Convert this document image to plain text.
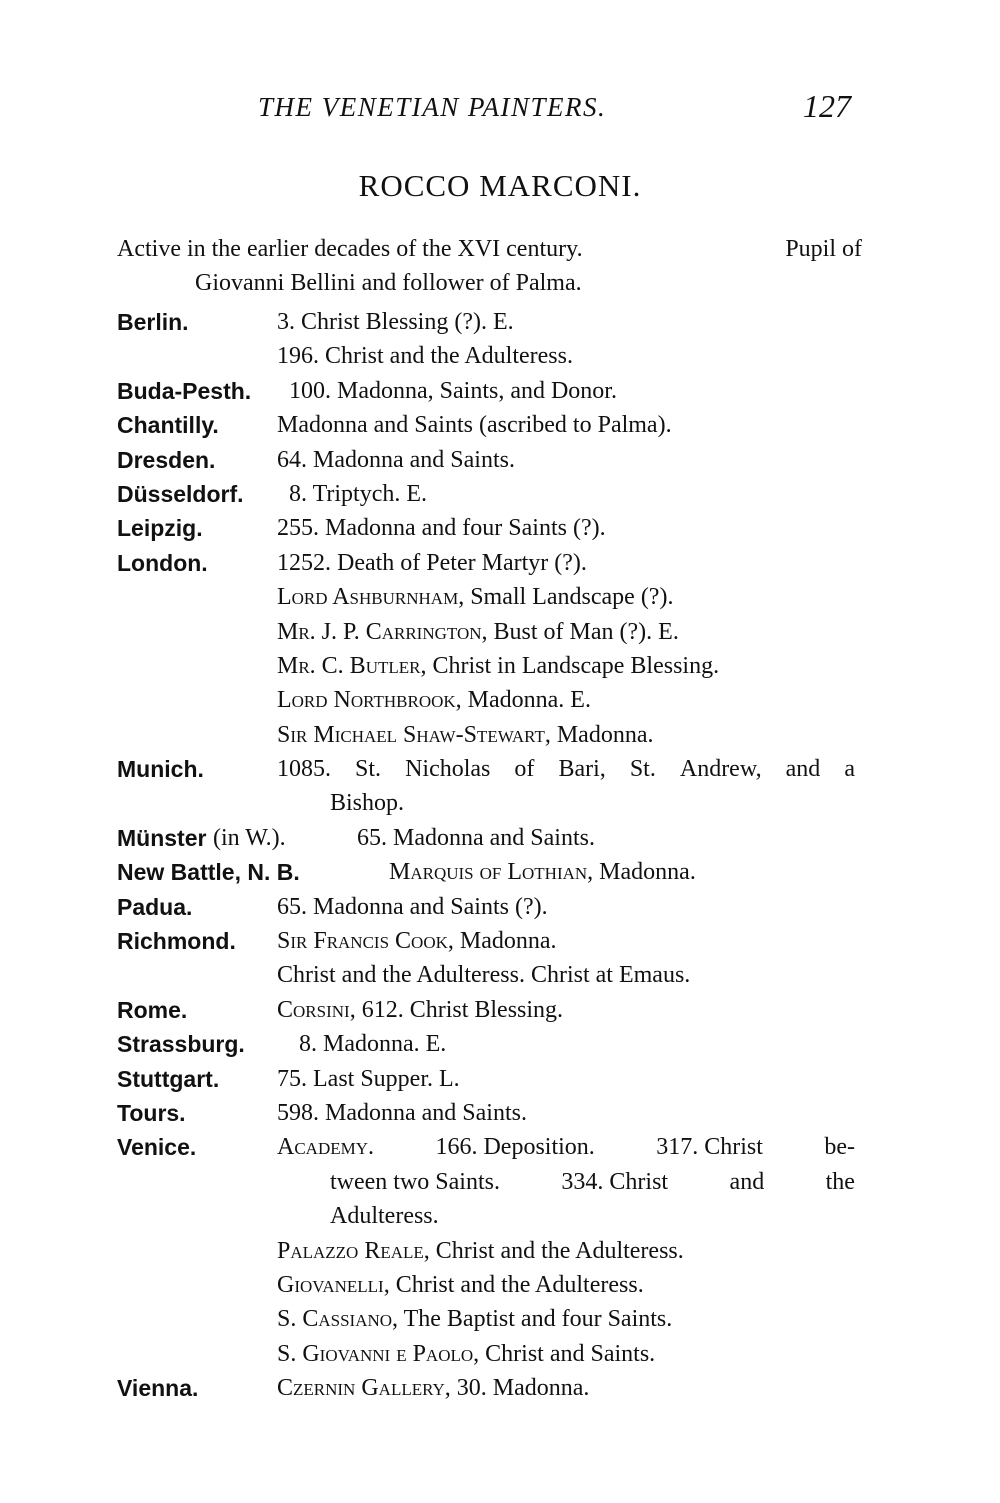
THE VENETIAN PAINTERS.	127
ROCCO MARCONI.
Active in the earlier decades of the XVI century.	Pupil of
Giovanni Bellini and follower of Palma.
Berlin.	3. Christ Blessing (?). E.
196. Christ and the Adulteress.
Buda-Pesth. 100. Madonna, Saints, and Donor.
Chantilly. Madonna and Saints (ascribed to Palma).
Dresden.	64. Madonna and Saints.
Düsseldorf. 8. Triptych. E.
Leipzig.	255. Madonna and four Saints (?).
London.	1252. Death of Peter Martyr (?).
Lord Ashburnham, Small Landscape (?).
Mr. J. P. Carrington, Bust of Man (?). E.
Mr. C. Butler, Christ in Landscape Blessing.
Lord Northbrook, Madonna. E.
Sir Michael Shaw-Stewart, Madonna.
Munich.	1085. St. Nicholas of Bari, St. Andrew, and a
Bishop.
Münster (in W.).	65. Madonna and Saints.
New Battle, N. B.	Marquis of Lothian, Madonna.
Padua.	65. Madonna and Saints (?).
Richmond. Sir Francis Cook, Madonna.
Christ and the Adulteress. Christ at Emaus.
Rome.	Corsini, 612. Christ Blessing.
Strassburg. 8. Madonna. E.
Stuttgart. 75. Last Supper. L.
Tours.	598. Madonna and Saints.
Venice.	Academy.	166. Deposition.	317. Christ	be-
tween two Saints.	334. Christ	and	the
Adulteress.
Palazzo Reale, Christ and the Adulteress.
Giovanelli, Christ and the Adulteress.
S. Cassiano, The Baptist and four Saints.
S. Giovanni e Paolo, Christ and Saints.
Vienna.	Czernin Gallery, 30. Madonna.
